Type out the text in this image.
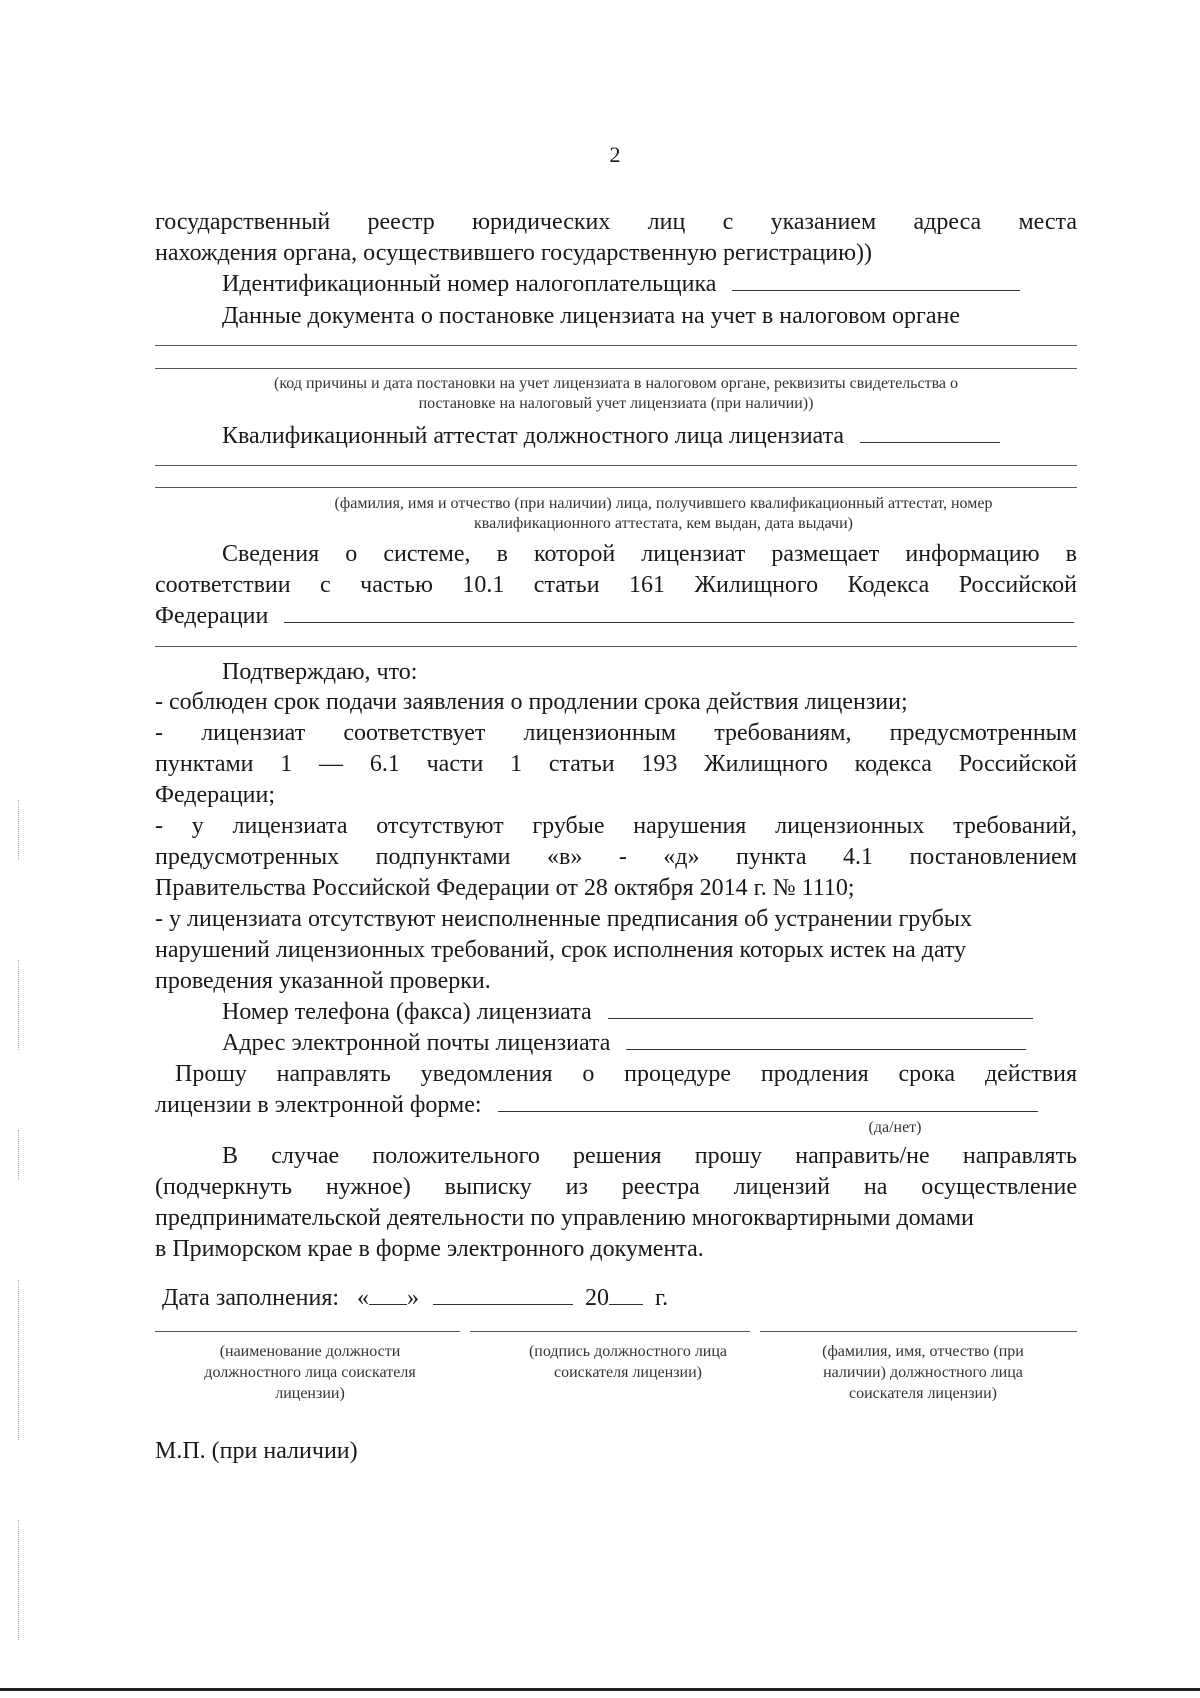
2
государственный реестр юридических лиц с указанием адреса места
нахождения органа, осуществившего государственную регистрацию))
Идентификационный номер налогоплательщика
Данные документа о постановке лицензиата на учет в налоговом органе
(код причины и дата постановки на учет лицензиата в налоговом органе, реквизиты свидетельства о
постановке на налоговый учет лицензиата (при наличии))
Квалификационный аттестат должностного лица лицензиата
(фамилия, имя и отчество (при наличии) лица, получившего квалификационный аттестат, номер
квалификационного аттестата, кем выдан, дата выдачи)
Сведения о системе, в которой лицензиат размещает информацию в
соответствии с частью 10.1 статьи 161 Жилищного Кодекса Российской
Федерации
Подтверждаю, что:
- соблюден срок подачи заявления о продлении срока действия лицензии;
- лицензиат соответствует лицензионным требованиям, предусмотренным
пунктами 1 — 6.1 части 1 статьи 193 Жилищного кодекса Российской
Федерации;
- у лицензиата отсутствуют грубые нарушения лицензионных требований,
предусмотренных подпунктами «в» - «д» пункта 4.1 постановлением
Правительства Российской Федерации от 28 октября 2014 г. № 1110;
- у лицензиата отсутствуют неисполненные предписания об устранении грубых
нарушений лицензионных требований, срок исполнения которых истек на дату
проведения указанной проверки.
Номер телефона (факса) лицензиата
Адрес электронной почты лицензиата
Прошу направлять уведомления о процедуре продления срока действия
лицензии в электронной форме:
(да/нет)
В случае положительного решения прошу направить/не направлять
(подчеркнуть нужное) выписку из реестра лицензий на осуществление
предпринимательской деятельности по управлению многоквартирными домами
в Приморском крае в форме электронного документа.
Дата заполнения: « »	20 г.
(наименование должности
должностного лица соискателя
лицензии)
(подпись должностного лица
соискателя лицензии)
(фамилия, имя, отчество (при
наличии) должностного лица
соискателя лицензии)
М.П. (при наличии)
